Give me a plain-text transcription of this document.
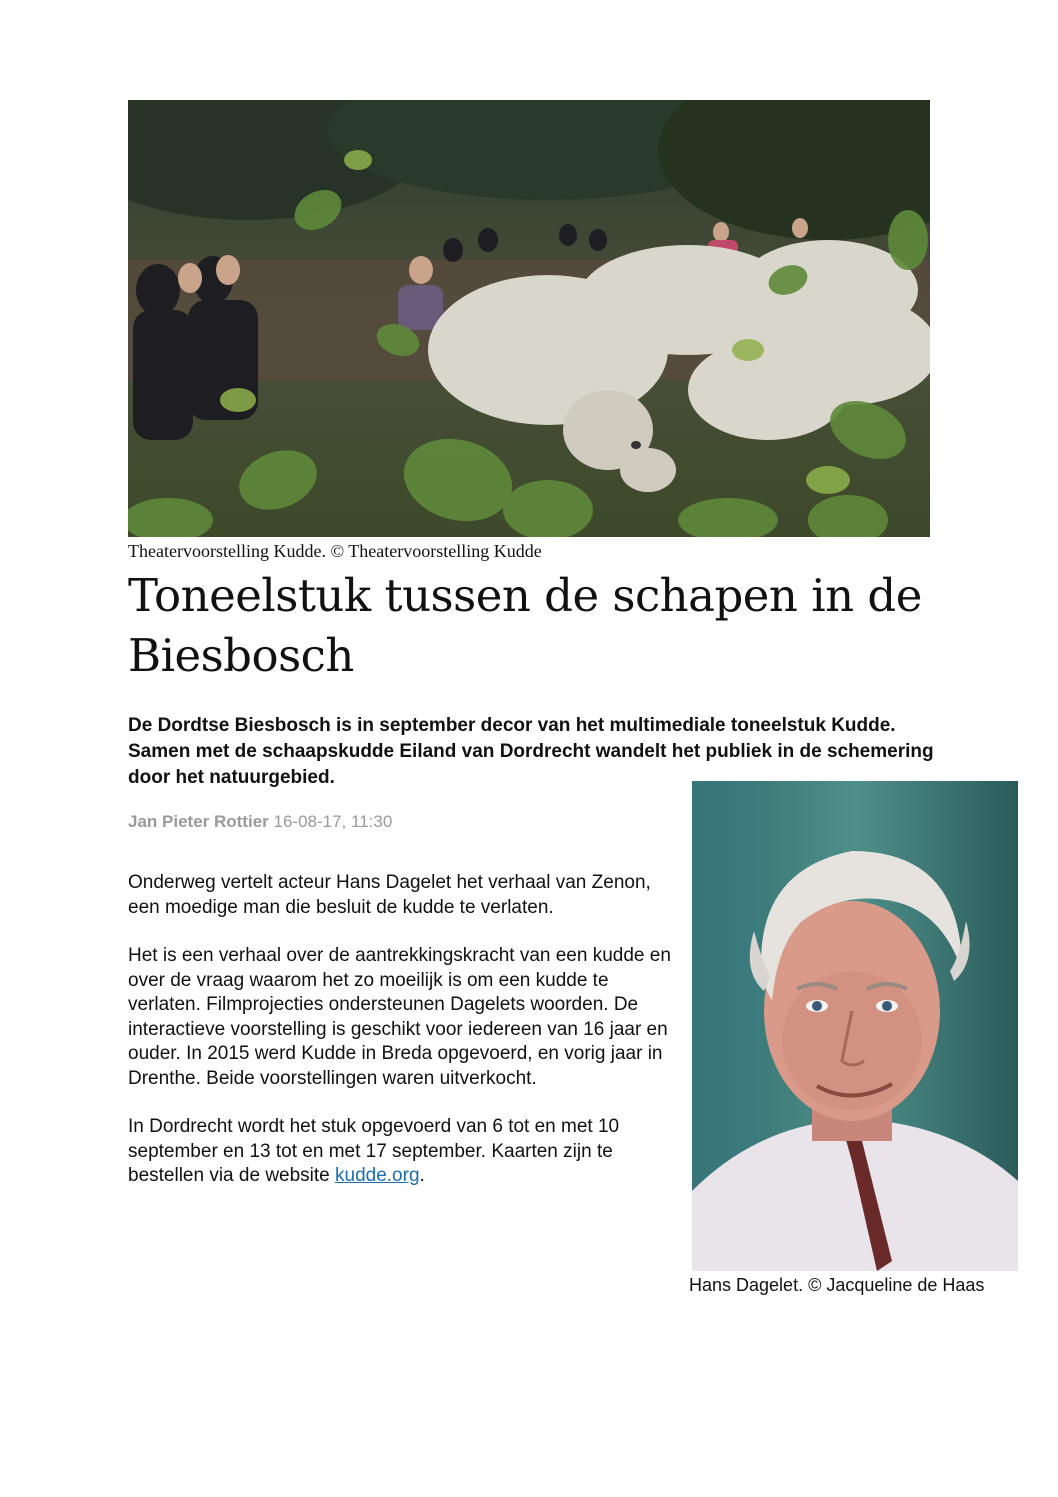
Theatervoorstelling Kudde. © Theatervoorstelling Kudde
Toneelstuk tussen de schapen in de
Biesbosch

De Dordtse Biesbosch is in september decor van het multimediale toneelstuk Kudde. Samen met de schaapskudde Eiland van Dordrecht wandelt het publiek in de schemering door het natuurgebied.

Jan Pieter Rottier 16-08-17, 11:30

Onderweg vertelt acteur Hans Dagelet het verhaal van Zenon, een moedige man die besluit de kudde te verlaten.

Het is een verhaal over de aantrekkingskracht van een kudde en over de vraag waarom het zo moeilijk is om een kudde te verlaten. Filmprojecties ondersteunen Dagelets woorden. De interactieve voorstelling is geschikt voor iedereen van 16 jaar en ouder. In 2015 werd Kudde in Breda opgevoerd, en vorig jaar in Drenthe. Beide voorstellingen waren uitverkocht.

In Dordrecht wordt het stuk opgevoerd van 6 tot en met 10 september en 13 tot en met 17 september. Kaarten zijn te bestellen via de website kudde.org.

Hans Dagelet. © Jacqueline de Haas
